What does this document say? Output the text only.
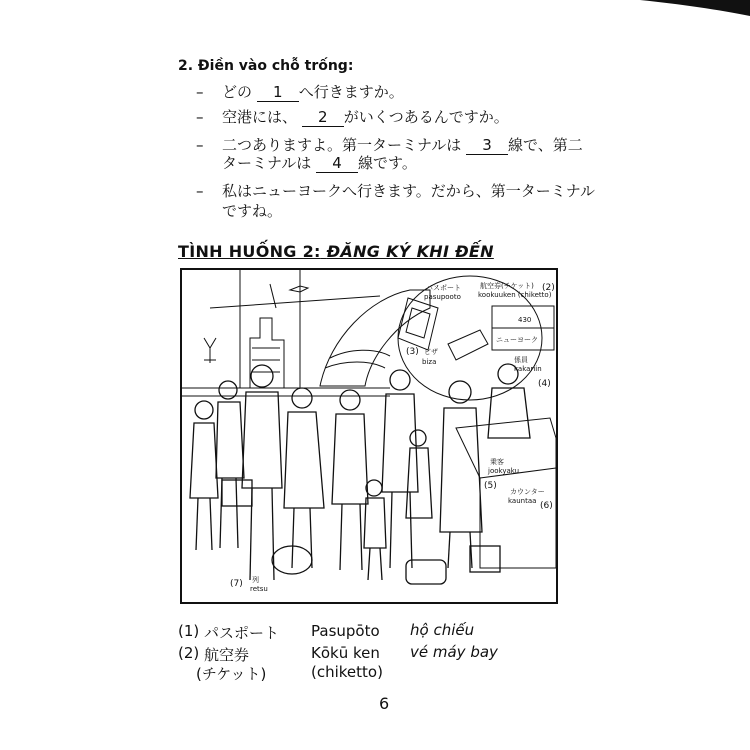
2. Điền vào chỗ trống:
– どの 1 へ行きますか。
– 空港には、 2 がいくつあるんですか。
– 二つありますよ。第一ターミナルは 3 線で、第二
ターミナルは 4 線です。
– 私はニューヨークへ行きます。だから、第一ターミナル
ですね。
TÌNH HUỐNG 2: ĐĂNG KÝ KHI ĐẾN
パスポート
pasupooto
航空券(チケット)
kookuuken (chiketto)
(2)
(3) ビザ
biza
430
ニューヨーク
係員
kakariin
(4)
乗客
jookyaku
(5)
カウンター
kauntaa (6)
(7) 列
retsu
(1) パスポート Pasupōto hộ chiếu
(2) 航空券
(チケット)
Kōkū ken
(chiketto)
vé máy bay
6
